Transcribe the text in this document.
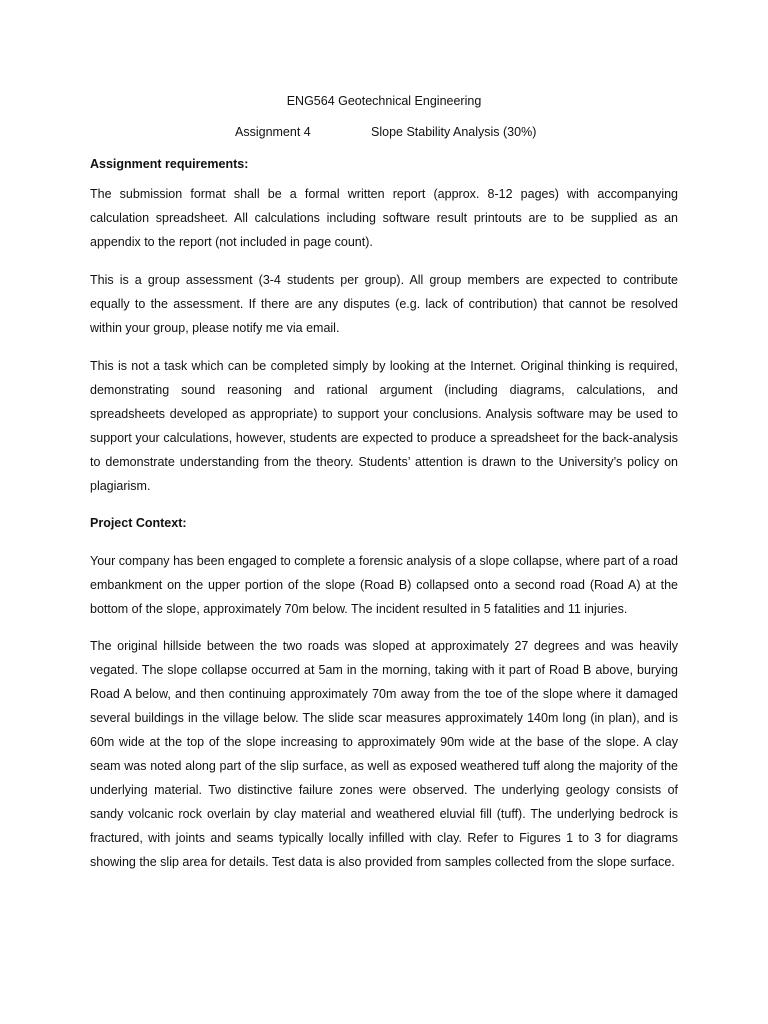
ENG564 Geotechnical Engineering
Assignment 4	Slope Stability Analysis (30%)
Assignment requirements:
The submission format shall be a formal written report (approx. 8-12 pages) with accompanying calculation spreadsheet. All calculations including software result printouts are to be supplied as an appendix to the report (not included in page count).
This is a group assessment (3-4 students per group). All group members are expected to contribute equally to the assessment. If there are any disputes (e.g. lack of contribution) that cannot be resolved within your group, please notify me via email.
This is not a task which can be completed simply by looking at the Internet. Original thinking is required, demonstrating sound reasoning and rational argument (including diagrams, calculations, and spreadsheets developed as appropriate) to support your conclusions. Analysis software may be used to support your calculations, however, students are expected to produce a spreadsheet for the back-analysis to demonstrate understanding from the theory. Students’ attention is drawn to the University’s policy on plagiarism.
Project Context:
Your company has been engaged to complete a forensic analysis of a slope collapse, where part of a road embankment on the upper portion of the slope (Road B) collapsed onto a second road (Road A) at the bottom of the slope, approximately 70m below. The incident resulted in 5 fatalities and 11 injuries.
The original hillside between the two roads was sloped at approximately 27 degrees and was heavily vegated. The slope collapse occurred at 5am in the morning, taking with it part of Road B above, burying Road A below, and then continuing approximately 70m away from the toe of the slope where it damaged several buildings in the village below. The slide scar measures approximately 140m long (in plan), and is 60m wide at the top of the slope increasing to approximately 90m wide at the base of the slope. A clay seam was noted along part of the slip surface, as well as exposed weathered tuff along the majority of the underlying material. Two distinctive failure zones were observed. The underlying geology consists of sandy volcanic rock overlain by clay material and weathered eluvial fill (tuff). The underlying bedrock is fractured, with joints and seams typically locally infilled with clay. Refer to Figures 1 to 3 for diagrams showing the slip area for details. Test data is also provided from samples collected from the slope surface.
